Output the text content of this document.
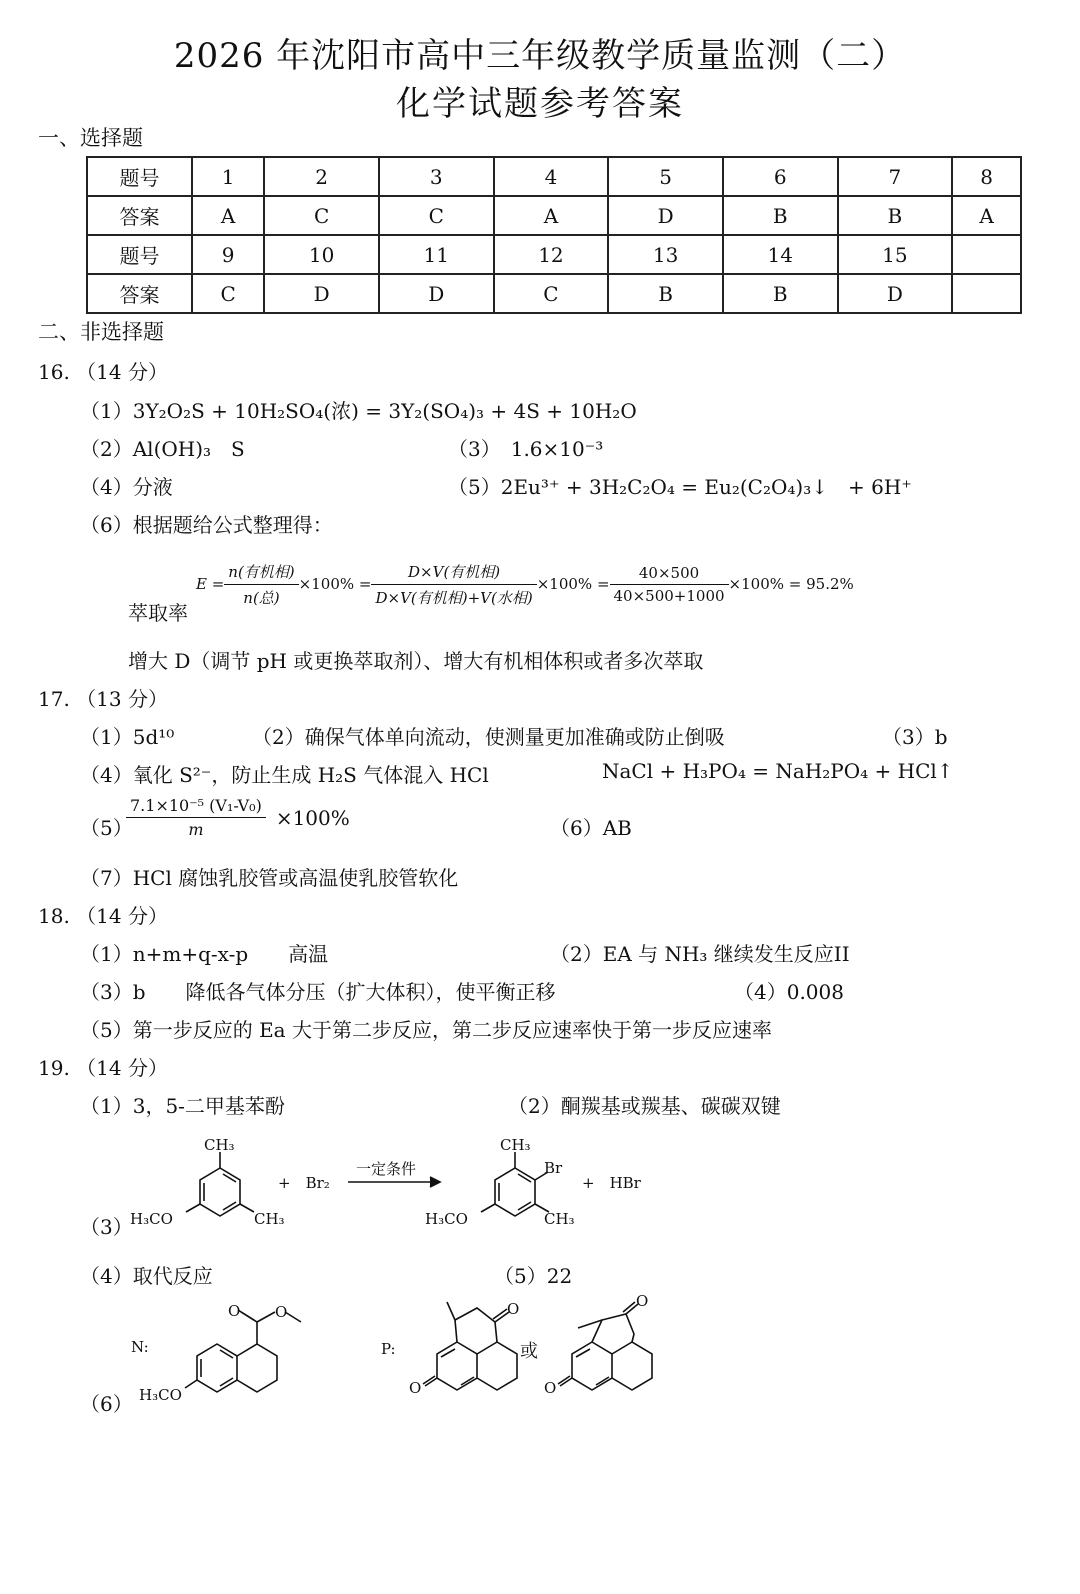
2026 年沈阳市高中三年级教学质量监测（二）
化学试题参考答案
一、选择题
题号	1	2	3	4	5	6	7	8
答案	A	C	C	A	D	B	B	A
题号	9	10	11	12	13	14	15	
答案	C	D	D	C	B	B	D	
二、非选择题
16. （14 分）
（1）3Y₂O₂S + 10H₂SO₄(浓) = 3Y₂(SO₄)₃ + 4S + 10H₂O
（2）Al(OH)₃　S	（3）　1.6×10⁻³
（4）分液	（5）2Eu³⁺ + 3H₂C₂O₄ = Eu₂(C₂O₄)₃↓　+ 6H⁺
（6）根据题给公式整理得：
萃取率
$E = \frac{\text{n(有机相)}}{\text{n(总)}} \times 100\% = \frac{\text{D×V(有机相)}}{\text{D×V(有机相)+V(水相)}} \times 100\% = \frac{40\times 500}{40\times 500+1000} \times 100\% = 95.2\%$
增大 D（调节 pH 或更换萃取剂）、增大有机相体积或者多次萃取
17. （13 分）
（1）5d¹⁰	（2）确保气体单向流动，使测量更加准确或防止倒吸	（3）b
（4）氧化 S²⁻，防止生成 H₂S 气体混入 HCl	NaCl + H₃PO₄ = NaH₂PO₄ + HCl↑
（5）
$\frac{\text{7.1×10⁻⁵ (V₁-V₀)}}{m} \times 100\%$	（6）AB
（7）HCl 腐蚀乳胶管或高温使乳胶管软化
18. （14 分）
（1）n+m+q-x-p　　高温	（2）EA 与 NH₃ 继续发生反应II
（3）b　　降低各气体分压（扩大体积），使平衡正移	（4）0.008
（5）第一步反应的 Ea 大于第二步反应，第二步反应速率快于第一步反应速率
19. （14 分）
（1）3，5-二甲基苯酚	（2）酮羰基或羰基、碳碳双键
（3）
CH₃
CH₃
H₃CO
+　Br₂
一定条件
CH₃
Br
CH₃
H₃CO
+　HBr
（4）取代反应	（5）22
（6）
N:
O O
H₃CO
P:
O
O
或
O
O
